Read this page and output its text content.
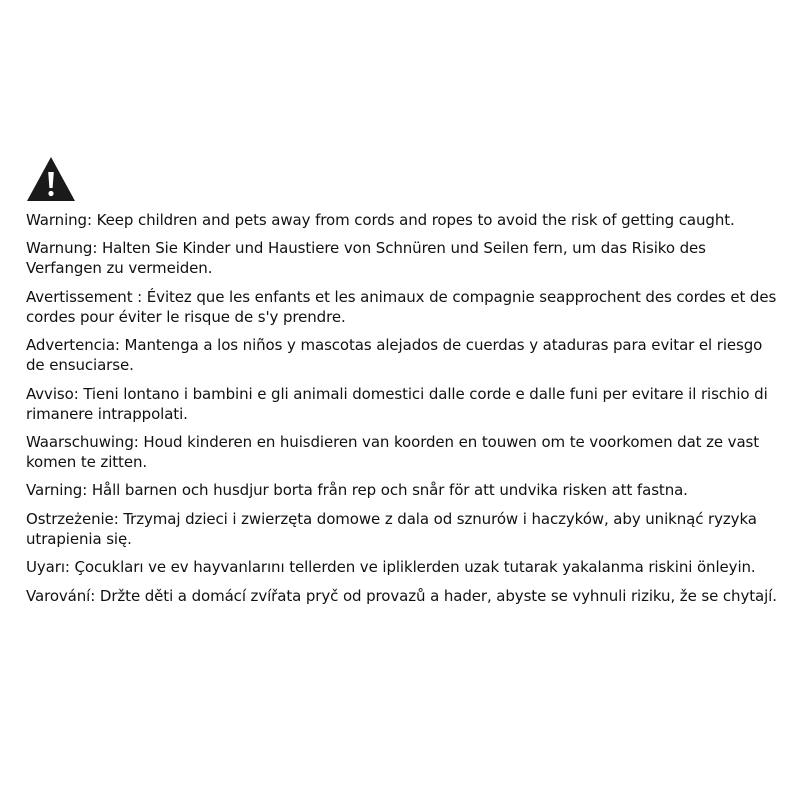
Warning: Keep children and pets away from cords and ropes to avoid the risk of getting caught.
Warnung: Halten Sie Kinder und Haustiere von Schnüren und Seilen fern, um das Risiko des Verfangen zu vermeiden.
Avertissement : Évitez que les enfants et les animaux de compagnie seapprochent des cordes et des cordes pour éviter le risque de s'y prendre.
Advertencia: Mantenga a los niños y mascotas alejados de cuerdas y ataduras para evitar el riesgo de ensuciarse.
Avviso: Tieni lontano i bambini e gli animali domestici dalle corde e dalle funi per evitare il rischio di rimanere intrappolati.
Waarschuwing: Houd kinderen en huisdieren van koorden en touwen om te voorkomen dat ze vast komen te zitten.
Varning: Håll barnen och husdjur borta från rep och snår för att undvika risken att fastna.
Ostrzeżenie: Trzymaj dzieci i zwierzęta domowe z dala od sznurów i haczyków, aby uniknąć ryzyka utrapienia się.
Uyarı: Çocukları ve ev hayvanlarını tellerden ve ipliklerden uzak tutarak yakalanma riskini önleyin.
Varování: Držte děti a domácí zvířata pryč od provazů a hader, abyste se vyhnuli riziku, že se chytají.
